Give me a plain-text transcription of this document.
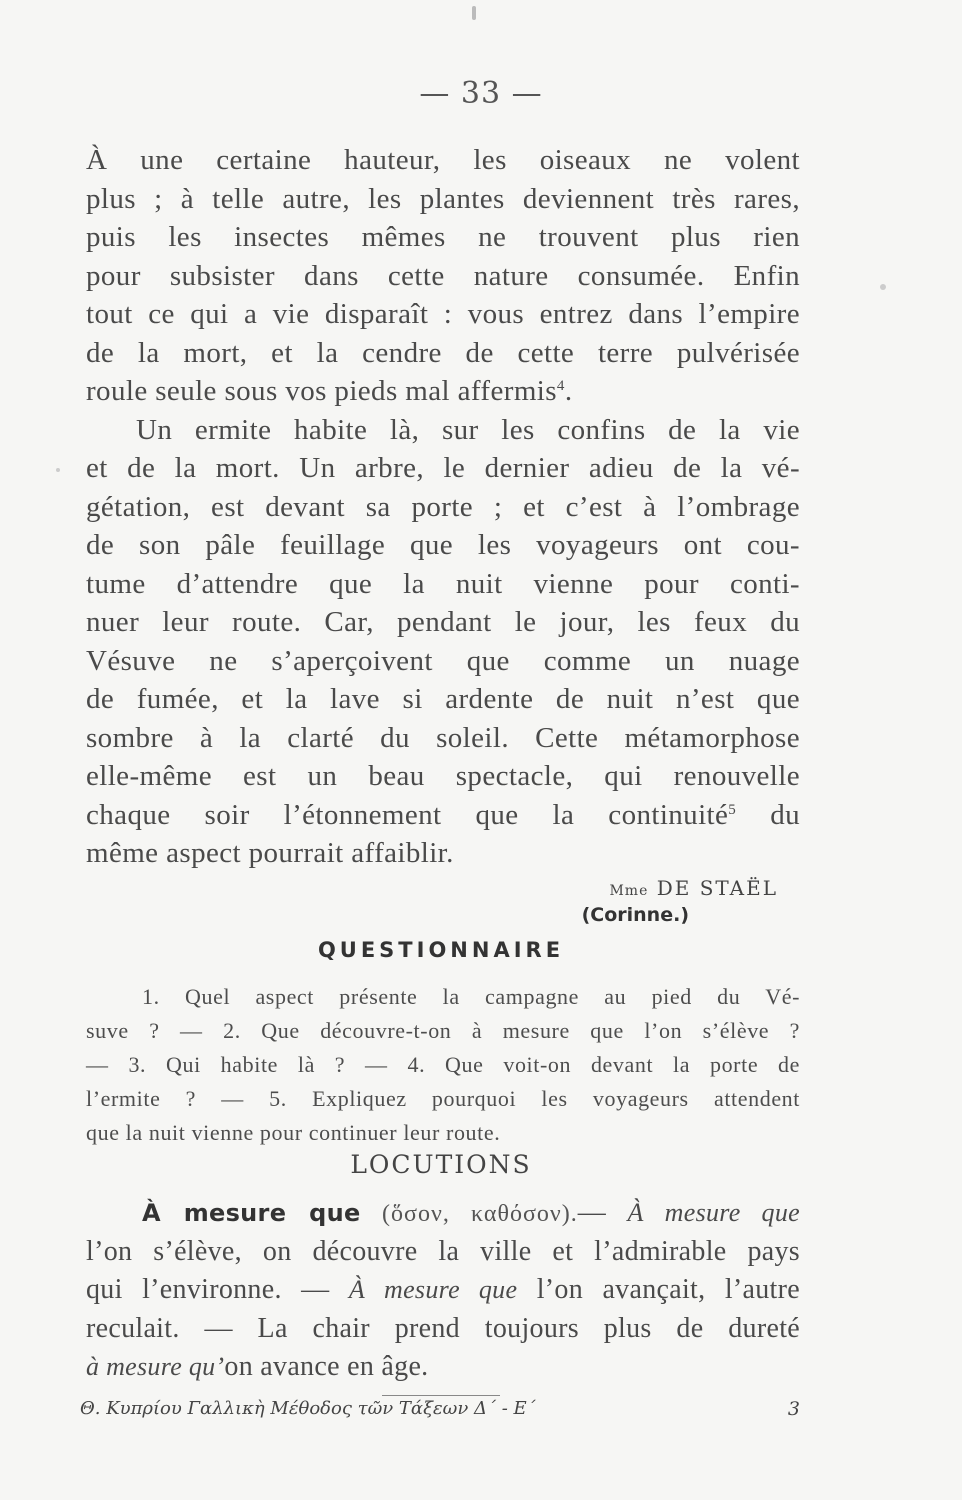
— 33 —
À une certaine hauteur, les oiseaux ne volent
plus ; à telle autre, les plantes deviennent très rares,
puis les insectes mêmes ne trouvent plus rien
pour subsister dans cette nature consumée. Enfin
tout ce qui a vie disparaît : vous entrez dans l’empire
de la mort, et la cendre de cette terre pulvérisée
roule seule sous vos pieds mal affermis$^4$.
Un ermite habite là, sur les confins de la vie
et de la mort. Un arbre, le dernier adieu de la vé-
gétation, est devant sa porte ; et c’est à l’ombrage
de son pâle feuillage que les voyageurs ont cou-
tume d’attendre que la nuit vienne pour conti-
nuer leur route. Car, pendant le jour, les feux du
Vésuve ne s’aperçoivent que comme un nuage
de fumée, et la lave si ardente de nuit n’est que
sombre à la clarté du soleil. Cette métamorphose
elle-même est un beau spectacle, qui renouvelle
chaque soir l’étonnement que la continuité$^5$ du
même aspect pourrait affaiblir.
Mme DE STAËL
(Corinne.)
QUESTIONNAIRE
1. Quel aspect présente la campagne au pied du Vé-
suve ? — 2. Que découvre-t-on à mesure que l’on s’élève ?
— 3. Qui habite là ? — 4. Que voit-on devant la porte de
l’ermite ? — 5. Expliquez pourquoi les voyageurs attendent
que la nuit vienne pour continuer leur route.
LOCUTIONS
À mesure que (ὅσον, καθόσον).— À mesure que
l’on s’élève, on découvre la ville et l’admirable pays
qui l’environne. — À mesure que l’on avançait, l’autre
reculait. — La chair prend toujours plus de dureté
à mesure qu’on avance en âge.
Θ. Κυπρίου Γαλλικὴ Μέθοδος τῶν Τάξεων Δ΄ - Ε΄	3
